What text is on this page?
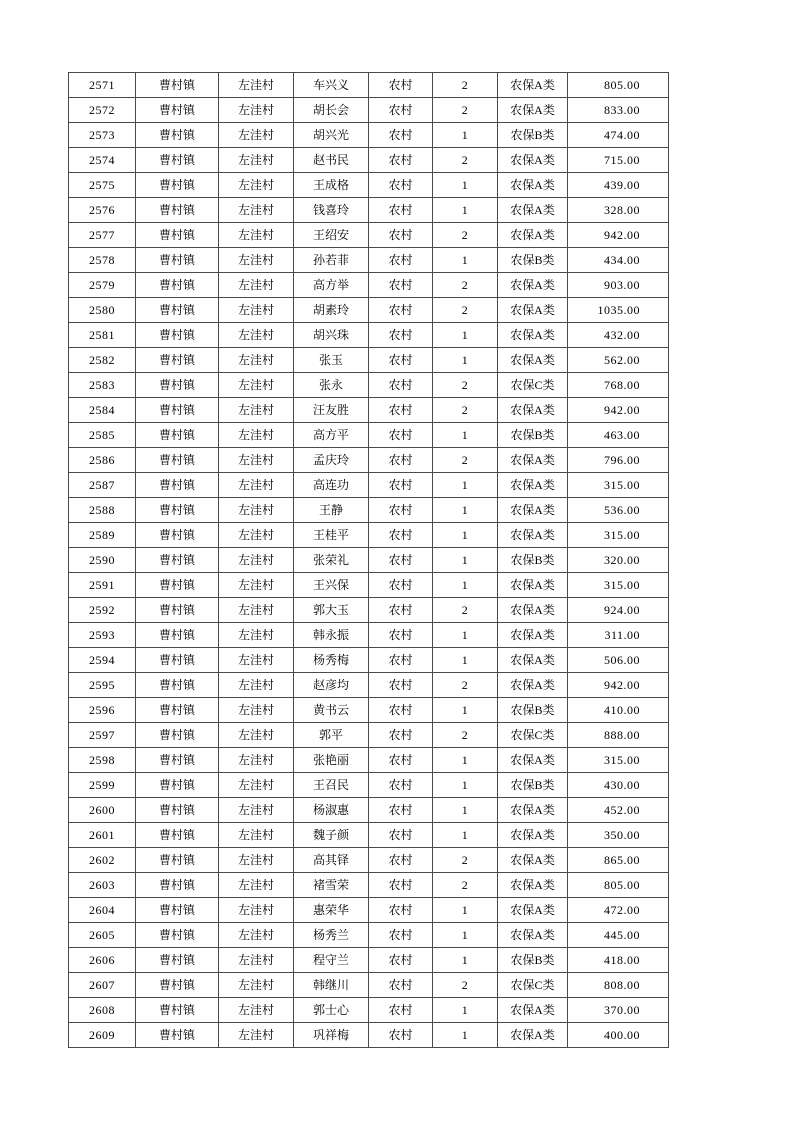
2571	曹村镇	左洼村	车兴义	农村	2	农保A类	805.00
2572	曹村镇	左洼村	胡长会	农村	2	农保A类	833.00
2573	曹村镇	左洼村	胡兴光	农村	1	农保B类	474.00
2574	曹村镇	左洼村	赵书民	农村	2	农保A类	715.00
2575	曹村镇	左洼村	王成格	农村	1	农保A类	439.00
2576	曹村镇	左洼村	钱喜玲	农村	1	农保A类	328.00
2577	曹村镇	左洼村	王绍安	农村	2	农保A类	942.00
2578	曹村镇	左洼村	孙若菲	农村	1	农保B类	434.00
2579	曹村镇	左洼村	高方举	农村	2	农保A类	903.00
2580	曹村镇	左洼村	胡素玲	农村	2	农保A类	1035.00
2581	曹村镇	左洼村	胡兴珠	农村	1	农保A类	432.00
2582	曹村镇	左洼村	张玉	农村	1	农保A类	562.00
2583	曹村镇	左洼村	张永	农村	2	农保C类	768.00
2584	曹村镇	左洼村	汪友胜	农村	2	农保A类	942.00
2585	曹村镇	左洼村	高方平	农村	1	农保B类	463.00
2586	曹村镇	左洼村	孟庆玲	农村	2	农保A类	796.00
2587	曹村镇	左洼村	高连功	农村	1	农保A类	315.00
2588	曹村镇	左洼村	王静	农村	1	农保A类	536.00
2589	曹村镇	左洼村	王桂平	农村	1	农保A类	315.00
2590	曹村镇	左洼村	张荣礼	农村	1	农保B类	320.00
2591	曹村镇	左洼村	王兴保	农村	1	农保A类	315.00
2592	曹村镇	左洼村	郭大玉	农村	2	农保A类	924.00
2593	曹村镇	左洼村	韩永振	农村	1	农保A类	311.00
2594	曹村镇	左洼村	杨秀梅	农村	1	农保A类	506.00
2595	曹村镇	左洼村	赵彦均	农村	2	农保A类	942.00
2596	曹村镇	左洼村	黄书云	农村	1	农保B类	410.00
2597	曹村镇	左洼村	郭平	农村	2	农保C类	888.00
2598	曹村镇	左洼村	张艳丽	农村	1	农保A类	315.00
2599	曹村镇	左洼村	王召民	农村	1	农保B类	430.00
2600	曹村镇	左洼村	杨淑惠	农村	1	农保A类	452.00
2601	曹村镇	左洼村	魏子颜	农村	1	农保A类	350.00
2602	曹村镇	左洼村	高其铎	农村	2	农保A类	865.00
2603	曹村镇	左洼村	褚雪荣	农村	2	农保A类	805.00
2604	曹村镇	左洼村	惠荣华	农村	1	农保A类	472.00
2605	曹村镇	左洼村	杨秀兰	农村	1	农保A类	445.00
2606	曹村镇	左洼村	程守兰	农村	1	农保B类	418.00
2607	曹村镇	左洼村	韩继川	农村	2	农保C类	808.00
2608	曹村镇	左洼村	郭士心	农村	1	农保A类	370.00
2609	曹村镇	左洼村	巩祥梅	农村	1	农保A类	400.00
